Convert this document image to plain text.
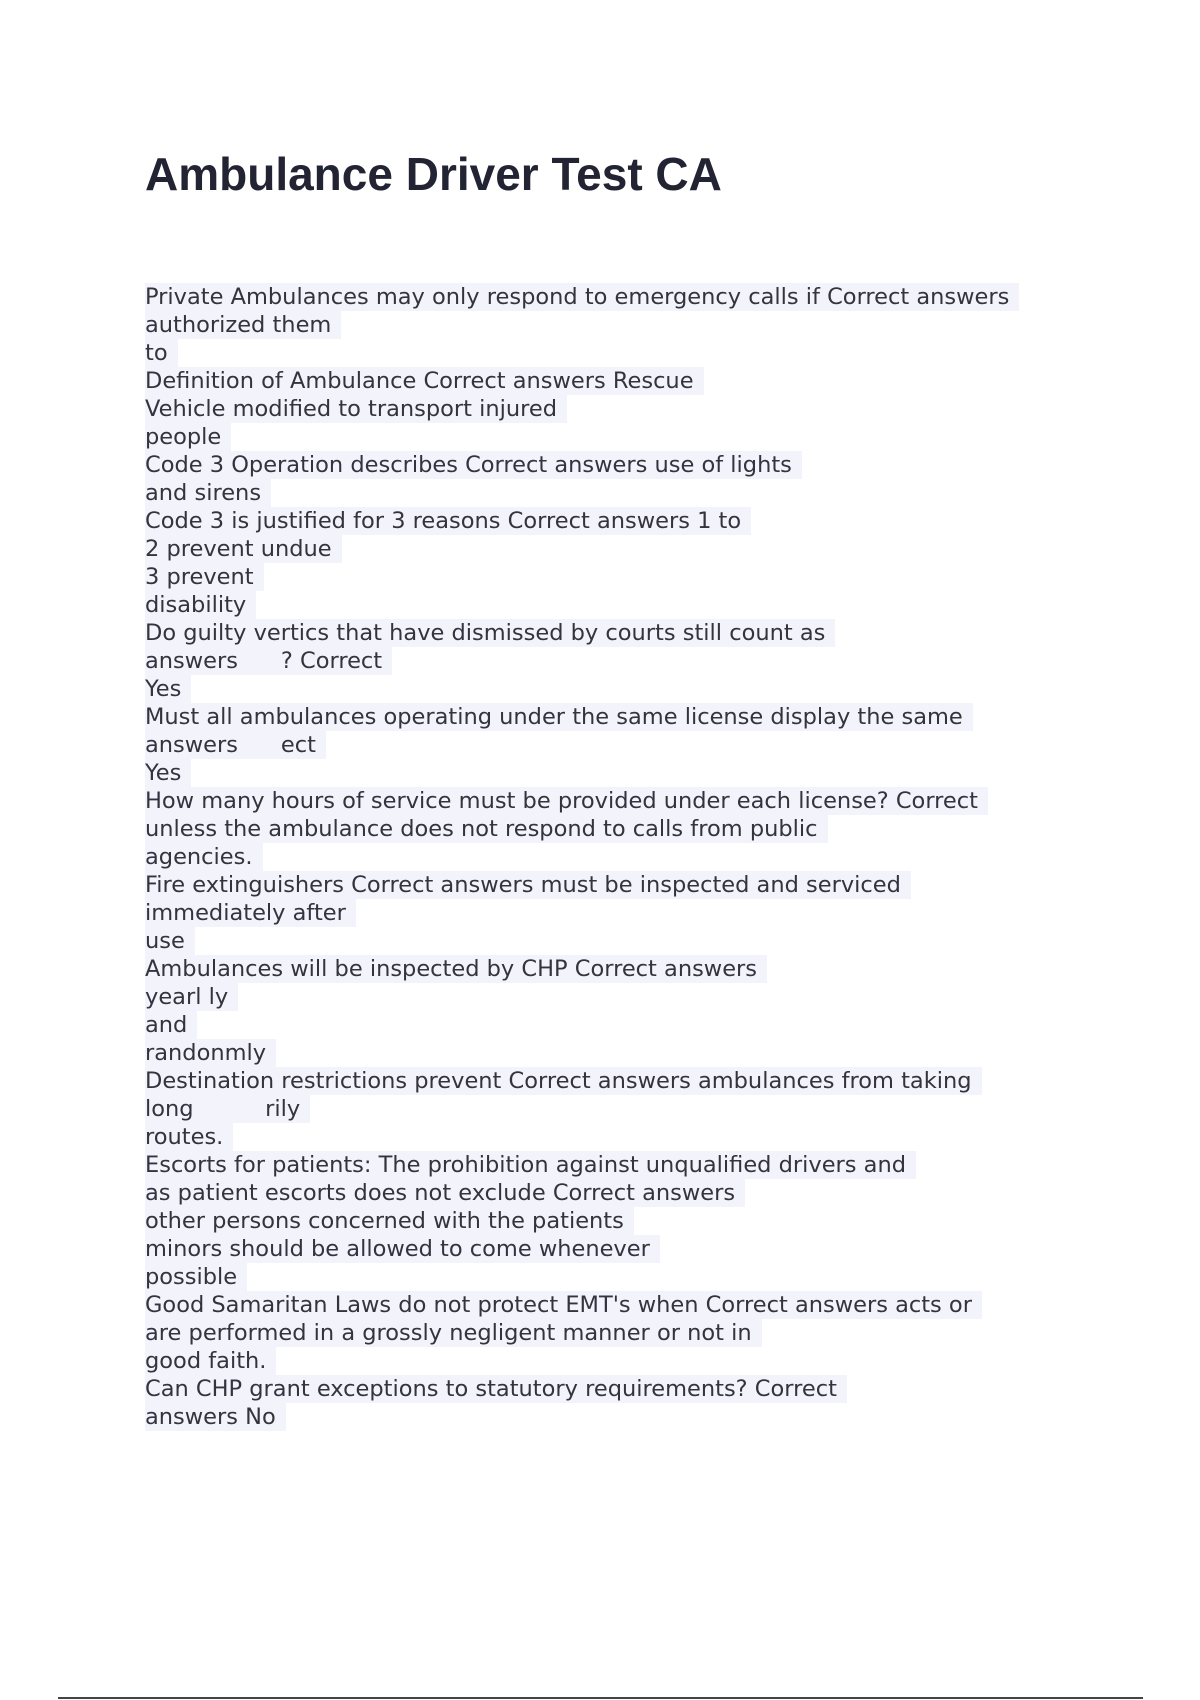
Ambulance Driver Test CA
Private Ambulances may only respond to emergency calls if Correct answers
authorized them
to
Definition of Ambulance Correct answers Rescue
Vehicle modified to transport injured
people
Code 3 Operation describes Correct answers use of lights
and sirens
Code 3 is justified for 3 reasons Correct answers 1 to
2 prevent undue
3 prevent
disability
Do guilty vertics that have dismissed by courts still count as
answers      ? Correct
Yes
Must all ambulances operating under the same license display the same
answers      ect
Yes
How many hours of service must be provided under each license? Correct
unless the ambulance does not respond to calls from public
agencies.
Fire extinguishers Correct answers must be inspected and serviced
immediately after
use
Ambulances will be inspected by CHP Correct answers
yearl ly
and
randonmly
Destination restrictions prevent Correct answers ambulances from taking
long          rily
routes.
Escorts for patients: The prohibition against unqualified drivers and
as patient escorts does not exclude Correct answers
other persons concerned with the patients
minors should be allowed to come whenever
possible
Good Samaritan Laws do not protect EMT's when Correct answers acts or
are performed in a grossly negligent manner or not in
good faith.
Can CHP grant exceptions to statutory requirements? Correct
answers No
